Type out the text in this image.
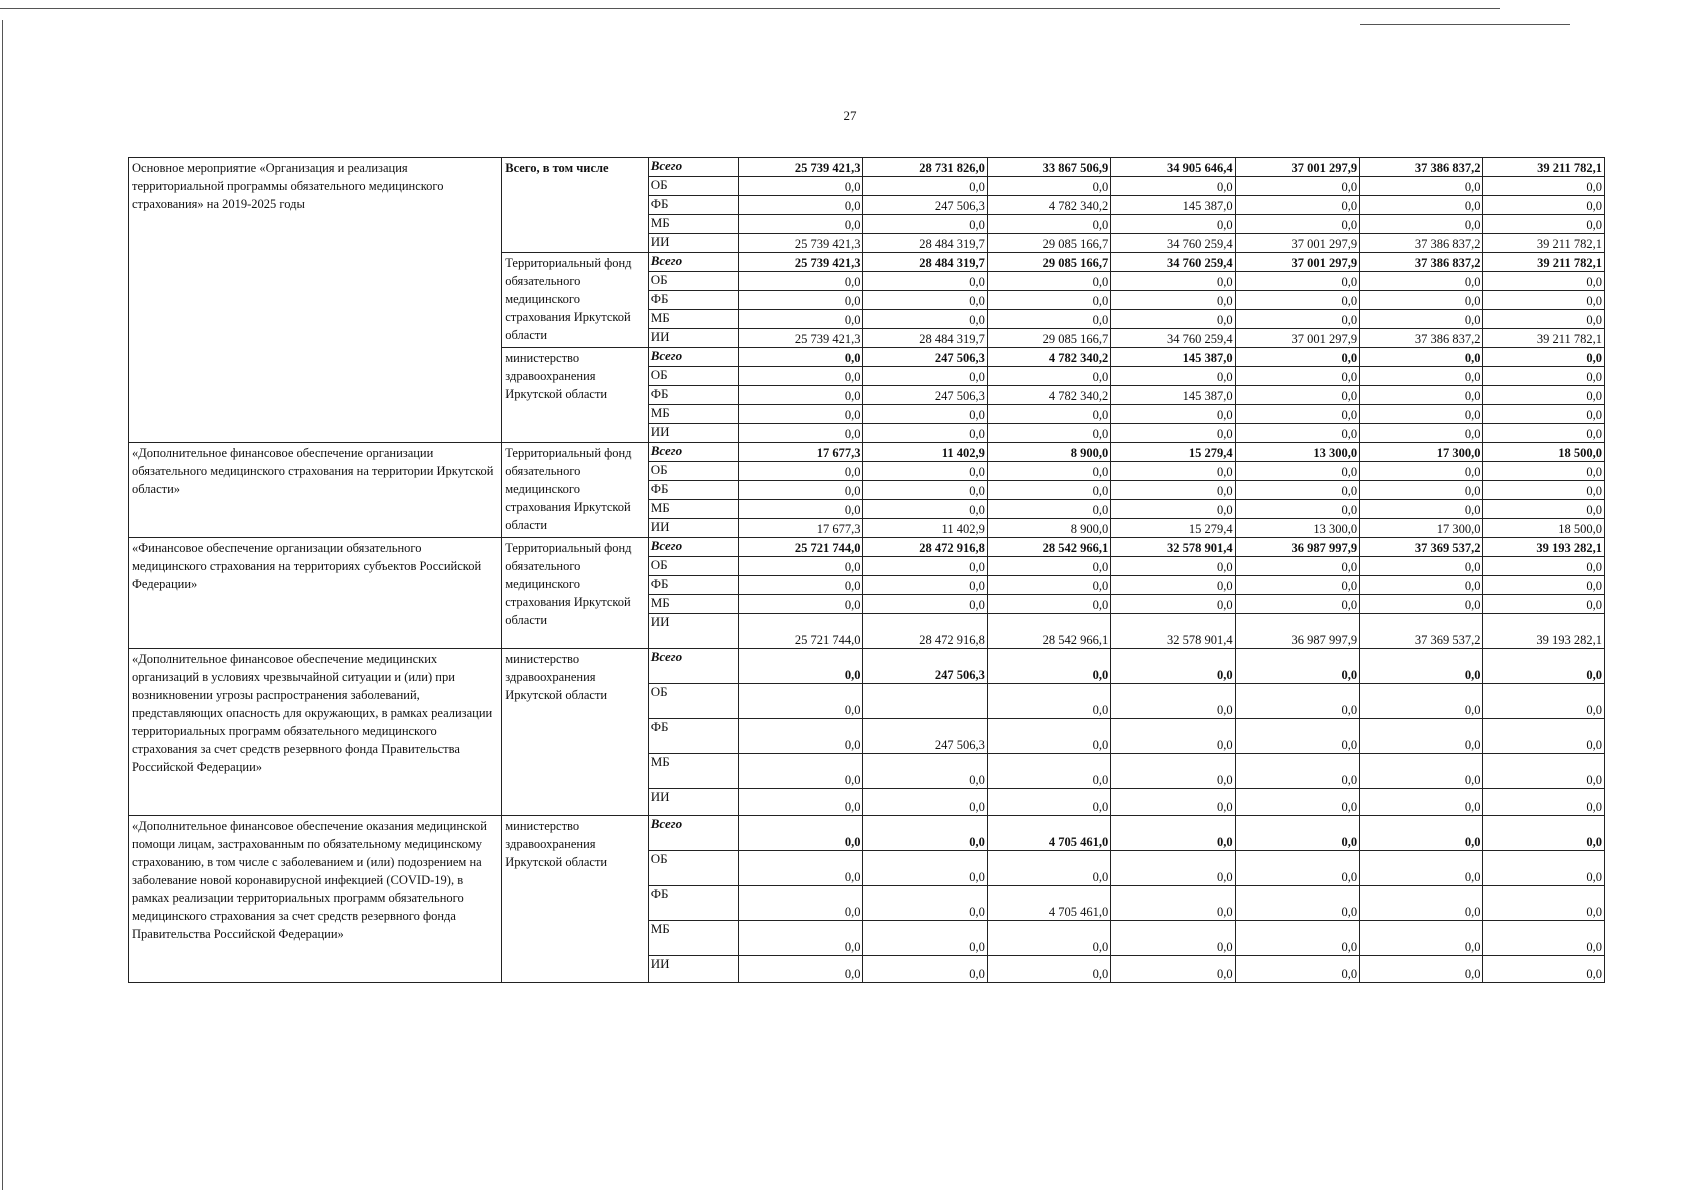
27
Основное мероприятие «Организация и реализация территориальной программы обязательного медицинского страхования» на 2019-2025 годы	Всего, в том числе	Всего	25 739 421,3	28 731 826,0	33 867 506,9	34 905 646,4	37 001 297,9	37 386 837,2	39 211 782,1
		ОБ	0,0	0,0	0,0	0,0	0,0	0,0	0,0
		ФБ	0,0	247 506,3	4 782 340,2	145 387,0	0,0	0,0	0,0
		МБ	0,0	0,0	0,0	0,0	0,0	0,0	0,0
		ИИ	25 739 421,3	28 484 319,7	29 085 166,7	34 760 259,4	37 001 297,9	37 386 837,2	39 211 782,1
	Территориальный фонд обязательного медицинского страхования Иркутской области	Всего	25 739 421,3	28 484 319,7	29 085 166,7	34 760 259,4	37 001 297,9	37 386 837,2	39 211 782,1
		ОБ	0,0	0,0	0,0	0,0	0,0	0,0	0,0
		ФБ	0,0	0,0	0,0	0,0	0,0	0,0	0,0
		МБ	0,0	0,0	0,0	0,0	0,0	0,0	0,0
		ИИ	25 739 421,3	28 484 319,7	29 085 166,7	34 760 259,4	37 001 297,9	37 386 837,2	39 211 782,1
	министерство здравоохранения Иркутской области	Всего	0,0	247 506,3	4 782 340,2	145 387,0	0,0	0,0	0,0
		ОБ	0,0	0,0	0,0	0,0	0,0	0,0	0,0
		ФБ	0,0	247 506,3	4 782 340,2	145 387,0	0,0	0,0	0,0
		МБ	0,0	0,0	0,0	0,0	0,0	0,0	0,0
		ИИ	0,0	0,0	0,0	0,0	0,0	0,0	0,0
«Дополнительное финансовое обеспечение организации обязательного медицинского страхования на территории Иркутской области»	Территориальный фонд обязательного медицинского страхования Иркутской области	Всего	17 677,3	11 402,9	8 900,0	15 279,4	13 300,0	17 300,0	18 500,0
		ОБ	0,0	0,0	0,0	0,0	0,0	0,0	0,0
		ФБ	0,0	0,0	0,0	0,0	0,0	0,0	0,0
		МБ	0,0	0,0	0,0	0,0	0,0	0,0	0,0
		ИИ	17 677,3	11 402,9	8 900,0	15 279,4	13 300,0	17 300,0	18 500,0
«Финансовое обеспечение организации обязательного медицинского страхования на территориях субъектов Российской Федерации»	Территориальный фонд обязательного медицинского страхования Иркутской области	Всего	25 721 744,0	28 472 916,8	28 542 966,1	32 578 901,4	36 987 997,9	37 369 537,2	39 193 282,1
		ОБ	0,0	0,0	0,0	0,0	0,0	0,0	0,0
		ФБ	0,0	0,0	0,0	0,0	0,0	0,0	0,0
		МБ	0,0	0,0	0,0	0,0	0,0	0,0	0,0
		ИИ	25 721 744,0	28 472 916,8	28 542 966,1	32 578 901,4	36 987 997,9	37 369 537,2	39 193 282,1
«Дополнительное финансовое обеспечение медицинских организаций в условиях чрезвычайной ситуации и (или) при возникновении угрозы распространения заболеваний, представляющих опасность для окружающих, в рамках реализации территориальных программ обязательного медицинского страхования за счет средств резервного фонда Правительства Российской Федерации»	министерство здравоохранения Иркутской области	Всего	0,0	247 506,3	0,0	0,0	0,0	0,0	0,0
		ОБ	0,0		0,0	0,0	0,0	0,0	0,0
		ФБ	0,0	247 506,3	0,0	0,0	0,0	0,0	0,0
		МБ	0,0	0,0	0,0	0,0	0,0	0,0	0,0
		ИИ	0,0	0,0	0,0	0,0	0,0	0,0	0,0
«Дополнительное финансовое обеспечение оказания медицинской помощи лицам, застрахованным по обязательному медицинскому страхованию, в том числе с заболеванием и (или) подозрением на заболевание новой коронавирусной инфекцией (COVID-19), в рамках реализации территориальных программ обязательного медицинского страхования за счет средств резервного фонда Правительства Российской Федерации»	министерство здравоохранения Иркутской области	Всего	0,0	0,0	4 705 461,0	0,0	0,0	0,0	0,0
		ОБ	0,0	0,0	0,0	0,0	0,0	0,0	0,0
		ФБ	0,0	0,0	4 705 461,0	0,0	0,0	0,0	0,0
		МБ	0,0	0,0	0,0	0,0	0,0	0,0	0,0
		ИИ	0,0	0,0	0,0	0,0	0,0	0,0	0,0
